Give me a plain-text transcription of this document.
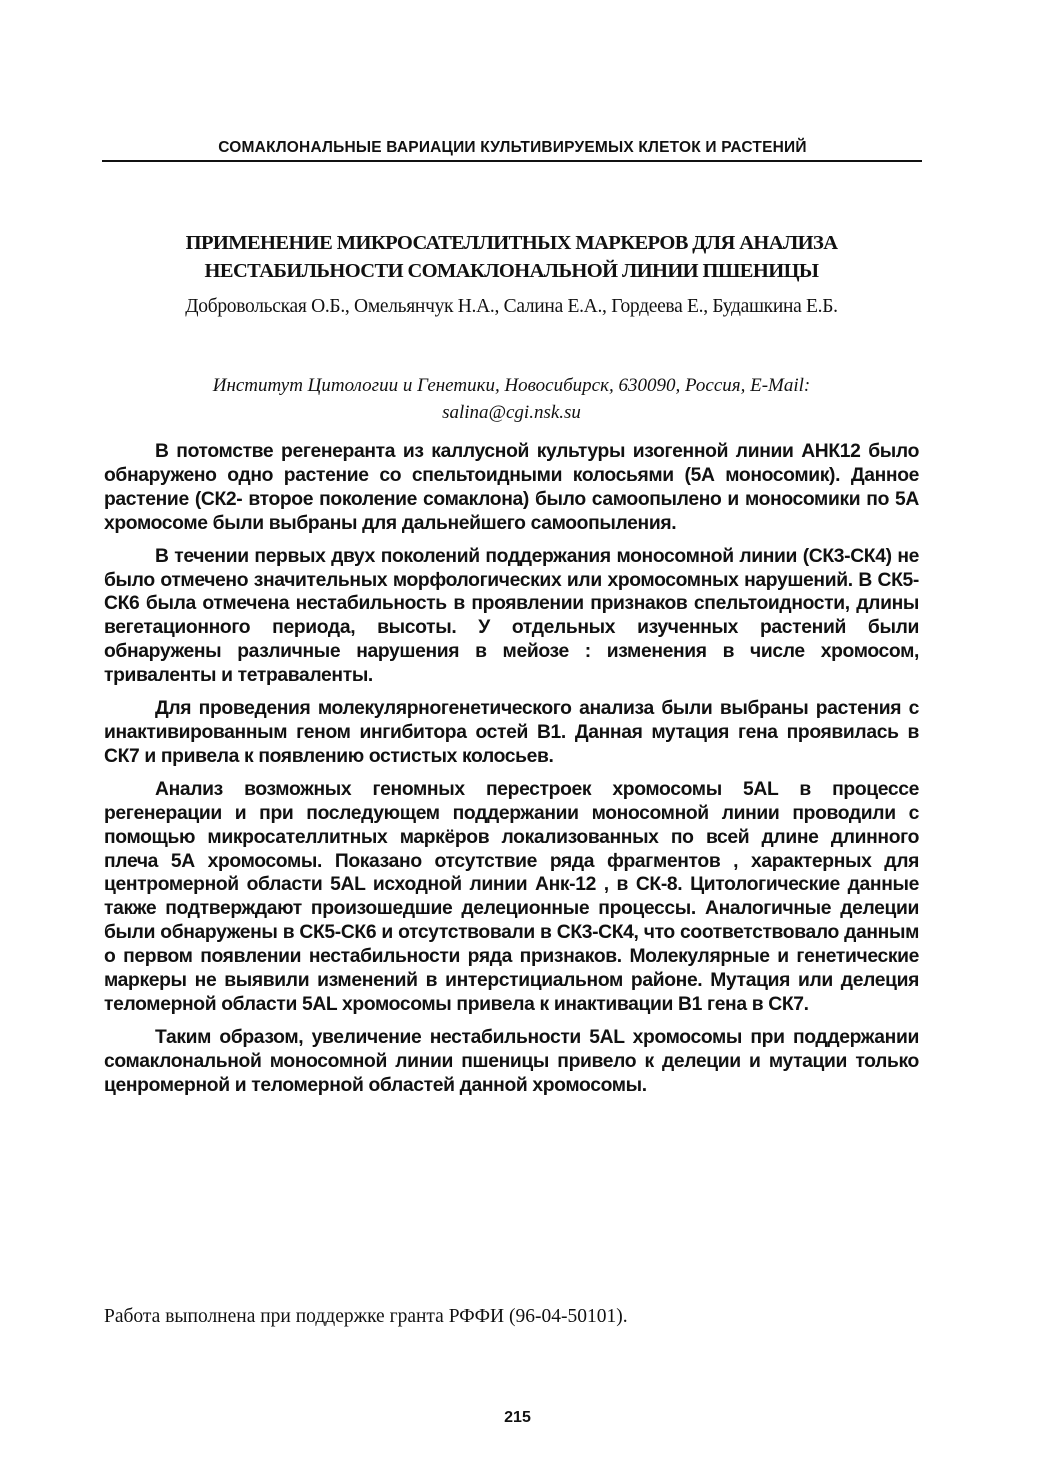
СОМАКЛОНАЛЬНЫЕ ВАРИАЦИИ КУЛЬТИВИРУЕМЫХ КЛЕТОК И РАСТЕНИЙ
ПРИМЕНЕНИЕ МИКРОСАТЕЛЛИТНЫХ МАРКЕРОВ ДЛЯ АНАЛИЗА
НЕСТАБИЛЬНОСТИ СОМАКЛОНАЛЬНОЙ ЛИНИИ ПШЕНИЦЫ
Добровольская О.Б., Омельянчук Н.А., Салина Е.А., Гордеева Е., Будашкина Е.Б.
Институт Цитологии и Генетики, Новосибирск, 630090, Россия, E-Mail:
salina@cgi.nsk.su

В потомстве регенеранта из каллусной культуры изогенной линии АНК12 было обнаружено одно растение со спельтоидными колосьями (5А моносомик). Данное растение (СК2- второе поколение сомаклона) было самоопылено и моносомики по 5А хромосоме были выбраны для дальнейшего самоопыления.

В течении первых двух поколений поддержания моносомной линии (СК3-СК4) не было отмечено значительных морфологических или хромосомных нарушений. В СК5-СК6 была отмечена нестабильность в проявлении признаков спельтоидности, длины вегетационного периода, высоты. У отдельных изученных растений были обнаружены различные нарушения в мейозе : изменения в числе хромосом, триваленты и тетраваленты.

Для проведения молекулярногенетического анализа были выбраны растения с инактивированным геном ингибитора остей В1. Данная мутация гена проявилась в СК7 и привела к появлению остистых колосьев.

Анализ возможных геномных перестроек хромосомы 5AL в процессе регенерации и при последующем поддержании моносомной линии проводили с помощью микросателлитных маркёров локализованных по всей длине длинного плеча 5А хромосомы. Показано отсутствие ряда фрагментов , характерных для центромерной области 5AL исходной линии Анк-12 , в СК-8. Цитологические данные также подтверждают произошедшие делеционные процессы. Аналогичные делеции были обнаружены в СК5-СК6 и отсутствовали в СК3-СК4, что соответствовало данным о первом появлении нестабильности ряда признаков. Молекулярные и генетические маркеры не выявили изменений в интерстициальном районе. Мутация или делеция теломерной области 5AL хромосомы привела к инактивации В1 гена в СК7.

Таким образом, увеличение нестабильности 5AL хромосомы при поддержании сомаклональной моносомной линии пшеницы привело к делеции и мутации только ценромерной и теломерной областей данной хромосомы.

Работа выполнена при поддержке гранта РФФИ (96-04-50101).
215
